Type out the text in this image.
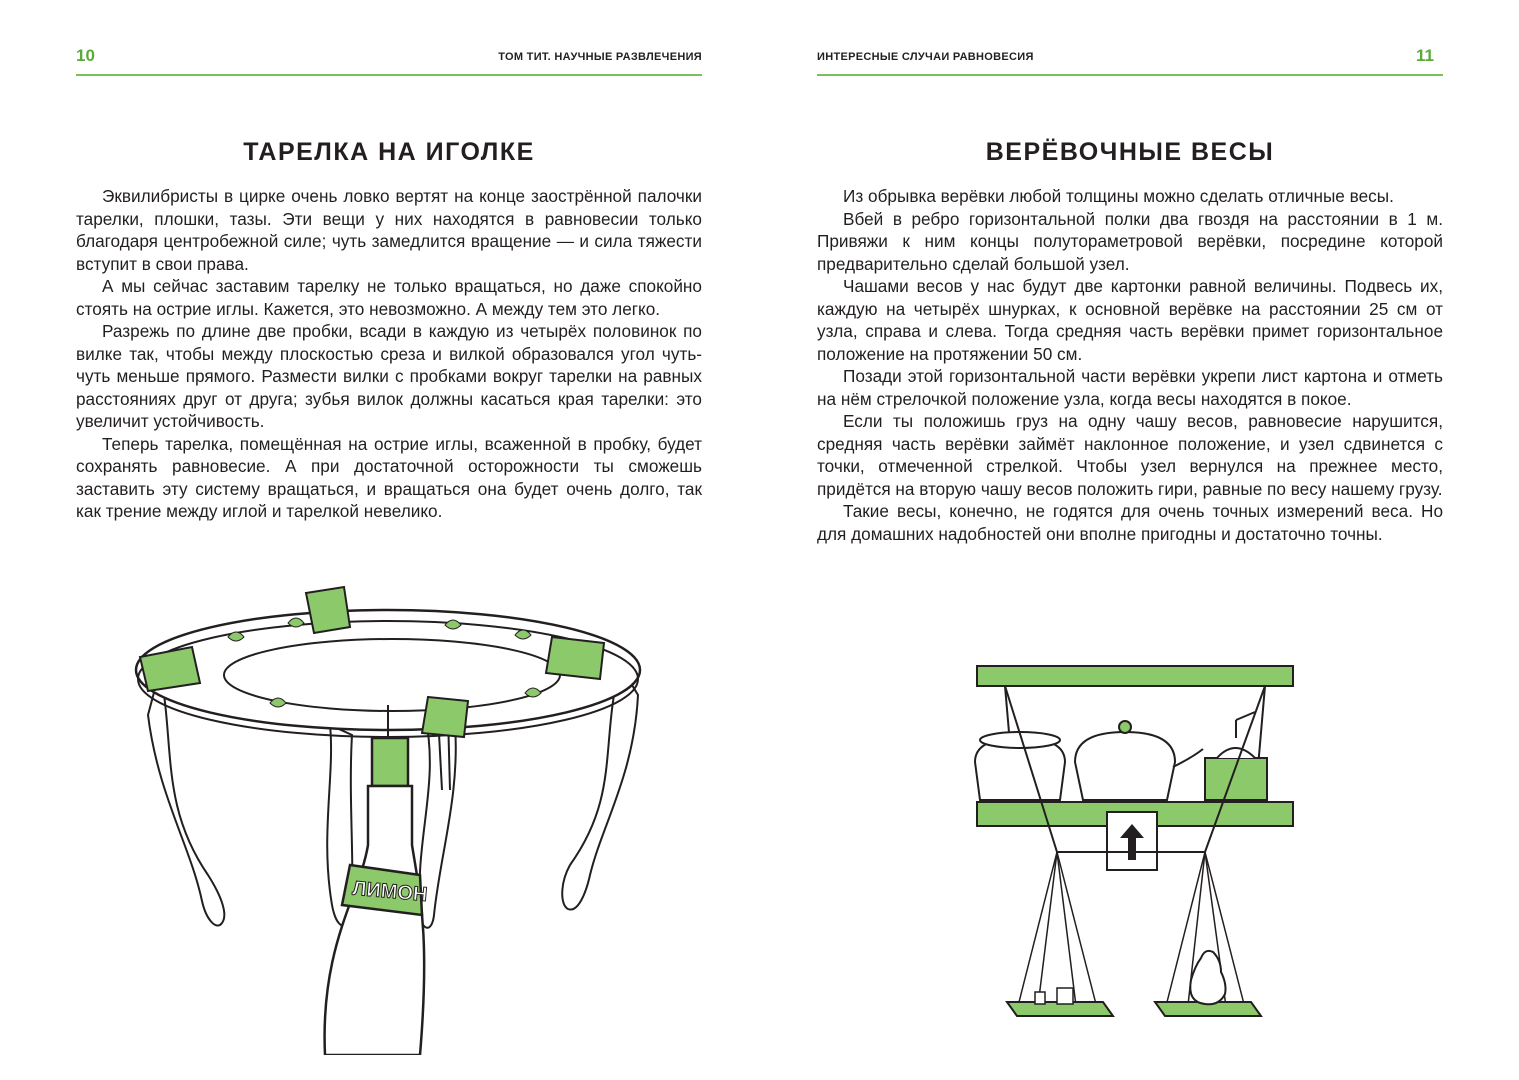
10	ТОМ ТИТ. НАУЧНЫЕ РАЗВЛЕЧЕНИЯ
ТАРЕЛКА НА ИГОЛКЕ

Эквилибристы в цирке очень ловко вертят на конце заострённой палочки тарелки, плошки, тазы. Эти вещи у них находятся в равновесии только благодаря центробежной силе; чуть замедлится вращение — и сила тяжести вступит в свои права.

А мы сейчас заставим тарелку не только вращаться, но даже спокойно стоять на острие иглы. Кажется, это невозможно. А между тем это легко.

Разрежь по длине две пробки, всади в каждую из четырёх половинок по вилке так, чтобы между плоскостью среза и вилкой образовался угол чуть-чуть меньше прямого. Размести вилки с пробками вокруг тарелки на равных расстояниях друг от друга; зубья вилок должны касаться края тарелки: это увеличит устойчивость.

Теперь тарелка, помещённая на острие иглы, всаженной в пробку, будет сохранять равновесие. А при достаточной осторожности ты сможешь заставить эту систему вращаться, и вращаться она будет очень долго, так как трение между иглой и тарелкой невелико.

ЛИМОН
ИНТЕРЕСНЫЕ СЛУЧАИ РАВНОВЕСИЯ	11
ВЕРЁВОЧНЫЕ ВЕСЫ

Из обрывка верёвки любой толщины можно сделать отличные весы.

Вбей в ребро горизонтальной полки два гвоздя на расстоянии в 1 м. Привяжи к ним концы полутораметровой верёвки, посредине которой предварительно сделай большой узел.

Чашами весов у нас будут две картонки равной величины. Подвесь их, каждую на четырёх шнурках, к основной верёвке на расстоянии 25 см от узла, справа и слева. Тогда средняя часть верёвки примет горизонтальное положение на протяжении 50 см.

Позади этой горизонтальной части верёвки укрепи лист картона и отметь на нём стрелочкой положение узла, когда весы находятся в покое.

Если ты положишь груз на одну чашу весов, равновесие нарушится, средняя часть верёвки займёт наклонное положение, и узел сдвинется с точки, отмеченной стрелкой. Чтобы узел вернулся на прежнее место, придётся на вторую чашу весов положить гири, равные по весу нашему грузу.

Такие весы, конечно, не годятся для очень точных измерений веса. Но для домашних надобностей они вполне пригодны и достаточно точны.
